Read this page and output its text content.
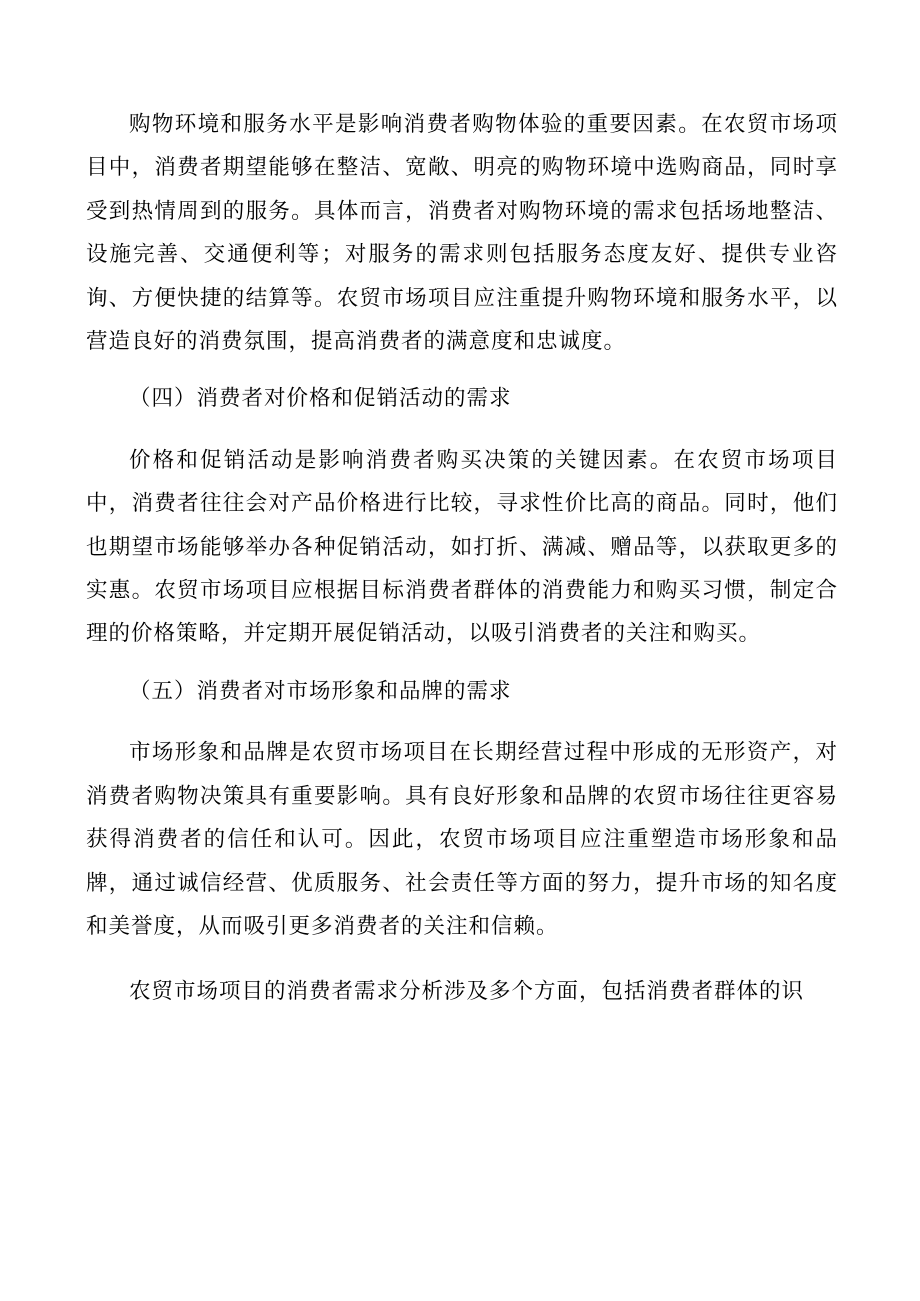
购物环境和服务水平是影响消费者购物体验的重要因素。在农贸市场项目中，消费者期望能够在整洁、宽敞、明亮的购物环境中选购商品，同时享受到热情周到的服务。具体而言，消费者对购物环境的需求包括场地整洁、设施完善、交通便利等；对服务的需求则包括服务态度友好、提供专业咨询、方便快捷的结算等。农贸市场项目应注重提升购物环境和服务水平，以营造良好的消费氛围，提高消费者的满意度和忠诚度。

（四）消费者对价格和促销活动的需求

价格和促销活动是影响消费者购买决策的关键因素。在农贸市场项目中，消费者往往会对产品价格进行比较，寻求性价比高的商品。同时，他们也期望市场能够举办各种促销活动，如打折、满减、赠品等，以获取更多的实惠。农贸市场项目应根据目标消费者群体的消费能力和购买习惯，制定合理的价格策略，并定期开展促销活动，以吸引消费者的关注和购买。

（五）消费者对市场形象和品牌的需求

市场形象和品牌是农贸市场项目在长期经营过程中形成的无形资产，对消费者购物决策具有重要影响。具有良好形象和品牌的农贸市场往往更容易获得消费者的信任和认可。因此，农贸市场项目应注重塑造市场形象和品牌，通过诚信经营、优质服务、社会责任等方面的努力，提升市场的知名度和美誉度，从而吸引更多消费者的关注和信赖。

农贸市场项目的消费者需求分析涉及多个方面，包括消费者群体的识
